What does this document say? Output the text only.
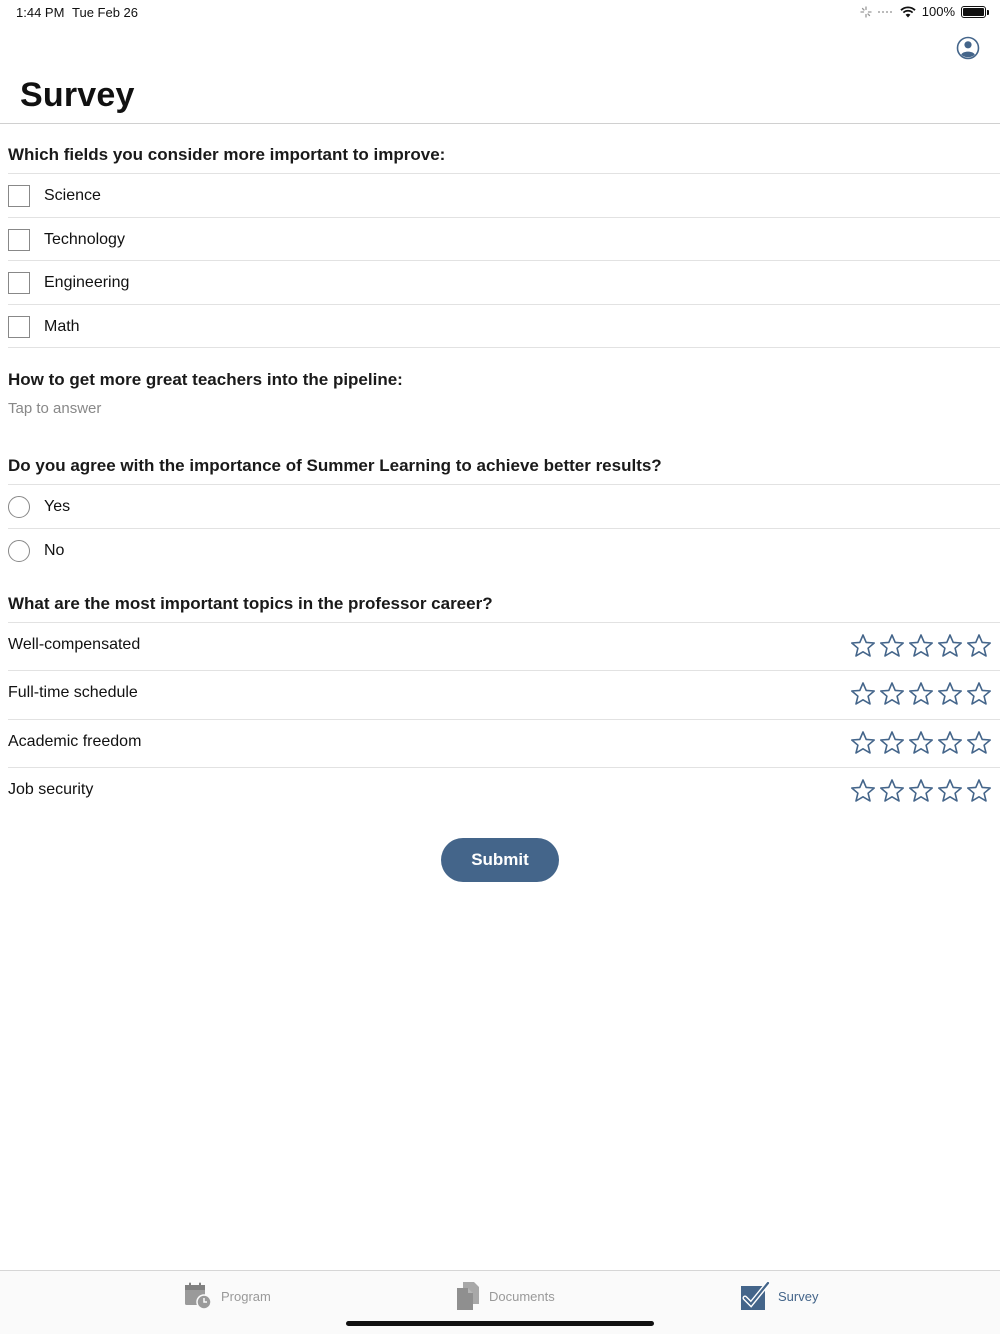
1:44 PM Tue Feb 26	100%
Survey
Which fields you consider more important to improve:
Science
Technology
Engineering
Math
How to get more great teachers into the pipeline:
Tap to answer
Do you agree with the importance of Summer Learning to achieve better results?
Yes
No
What are the most important topics in the professor career?
Well-compensated
Full-time schedule
Academic freedom
Job security
Submit
Program	Documents	Survey
